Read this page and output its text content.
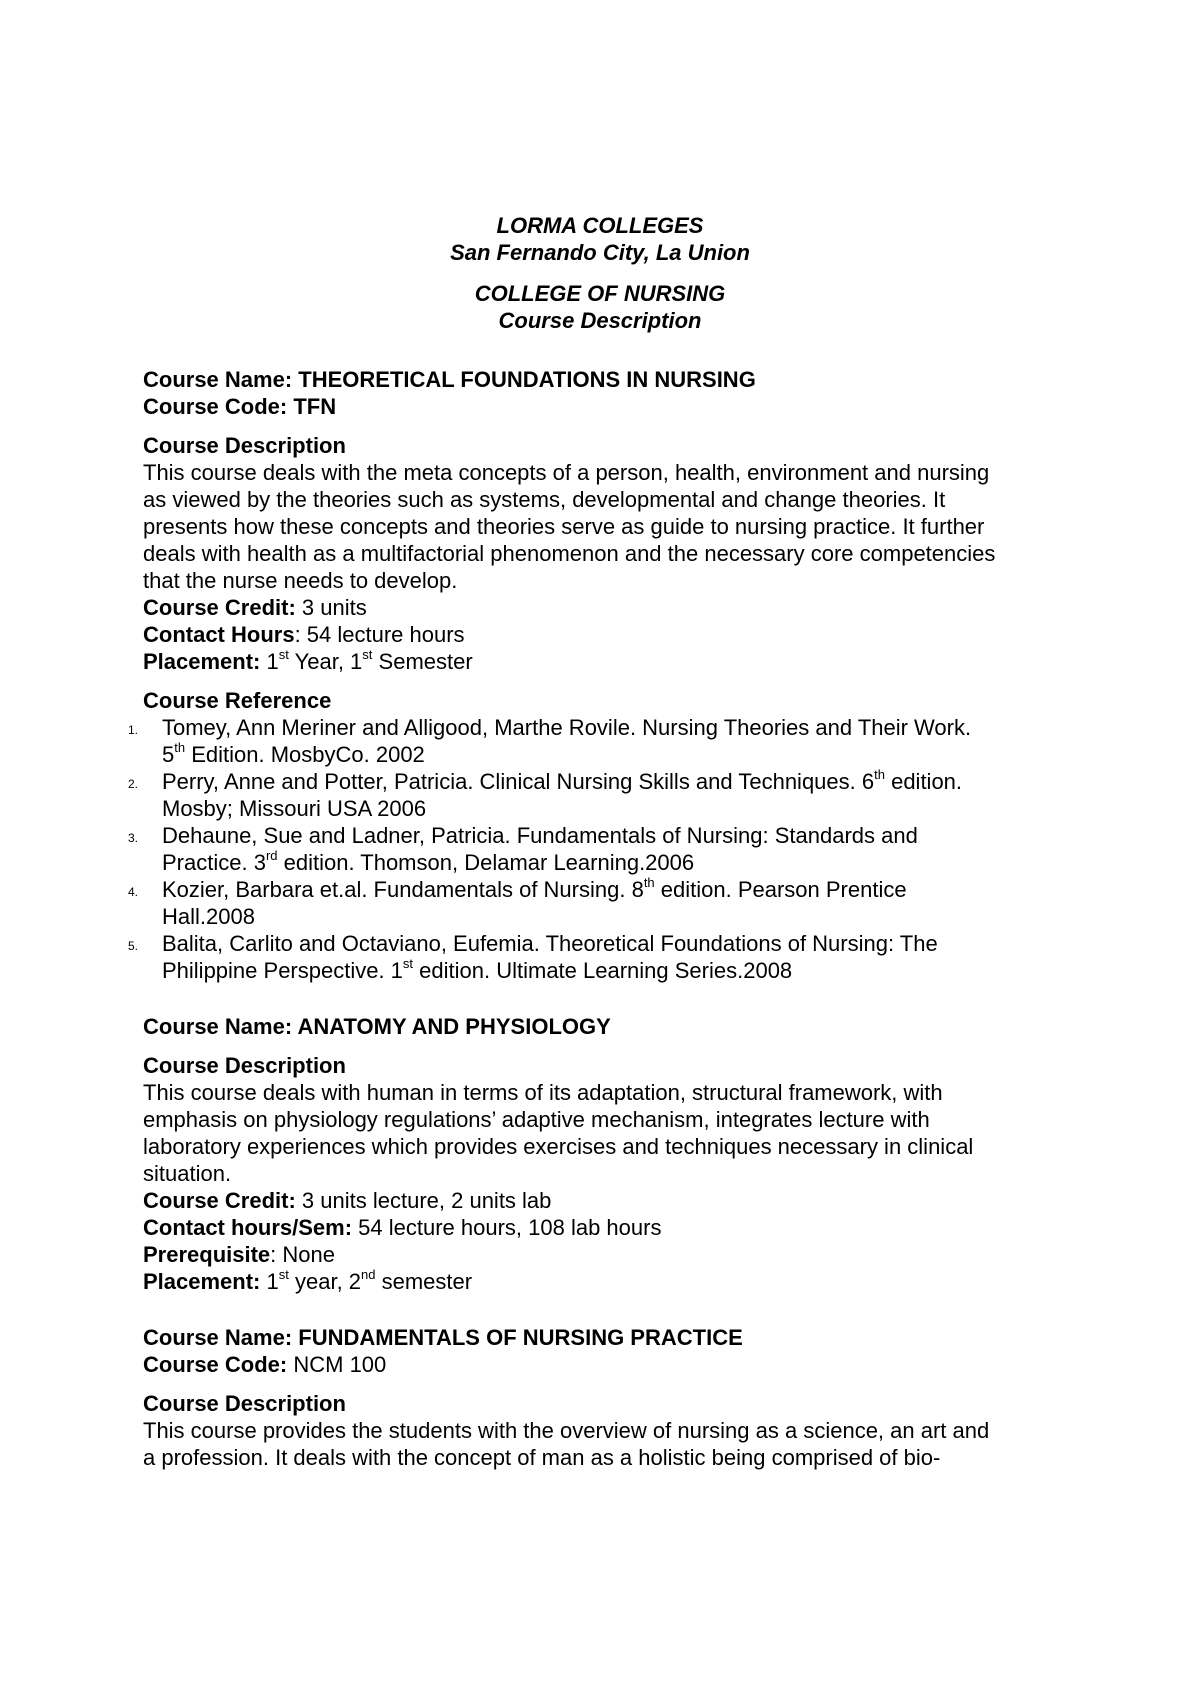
LORMA COLLEGES
San Fernando City, La Union
COLLEGE OF NURSING
Course Description
Course Name: THEORETICAL FOUNDATIONS IN NURSING
Course Code: TFN
Course Description
This course deals with the meta concepts of a person, health, environment and nursing
as viewed by the theories such as systems, developmental and change theories. It
presents how these concepts and theories serve as guide to nursing practice. It further
deals with health as a multifactorial phenomenon and the necessary core competencies
that the nurse needs to develop.
Course Credit: 3 units
Contact Hours: 54 lecture hours
Placement: 1st Year, 1st Semester
Course Reference
1. Tomey, Ann Meriner and Alligood, Marthe Rovile. Nursing Theories and Their Work.
5th Edition. MosbyCo. 2002
2. Perry, Anne and Potter, Patricia. Clinical Nursing Skills and Techniques. 6th edition.
Mosby; Missouri USA 2006
3. Dehaune, Sue and Ladner, Patricia. Fundamentals of Nursing: Standards and
Practice. 3rd edition. Thomson, Delamar Learning.2006
4. Kozier, Barbara et.al. Fundamentals of Nursing. 8th edition. Pearson Prentice
Hall.2008
5. Balita, Carlito and Octaviano, Eufemia. Theoretical Foundations of Nursing: The
Philippine Perspective. 1st edition. Ultimate Learning Series.2008
Course Name: ANATOMY AND PHYSIOLOGY
Course Description
This course deals with human in terms of its adaptation, structural framework, with
emphasis on physiology regulations’ adaptive mechanism, integrates lecture with
laboratory experiences which provides exercises and techniques necessary in clinical
situation.
Course Credit: 3 units lecture, 2 units lab
Contact hours/Sem: 54 lecture hours, 108 lab hours
Prerequisite: None
Placement: 1st year, 2nd semester
Course Name: FUNDAMENTALS OF NURSING PRACTICE
Course Code: NCM 100
Course Description
This course provides the students with the overview of nursing as a science, an art and
a profession. It deals with the concept of man as a holistic being comprised of bio-
